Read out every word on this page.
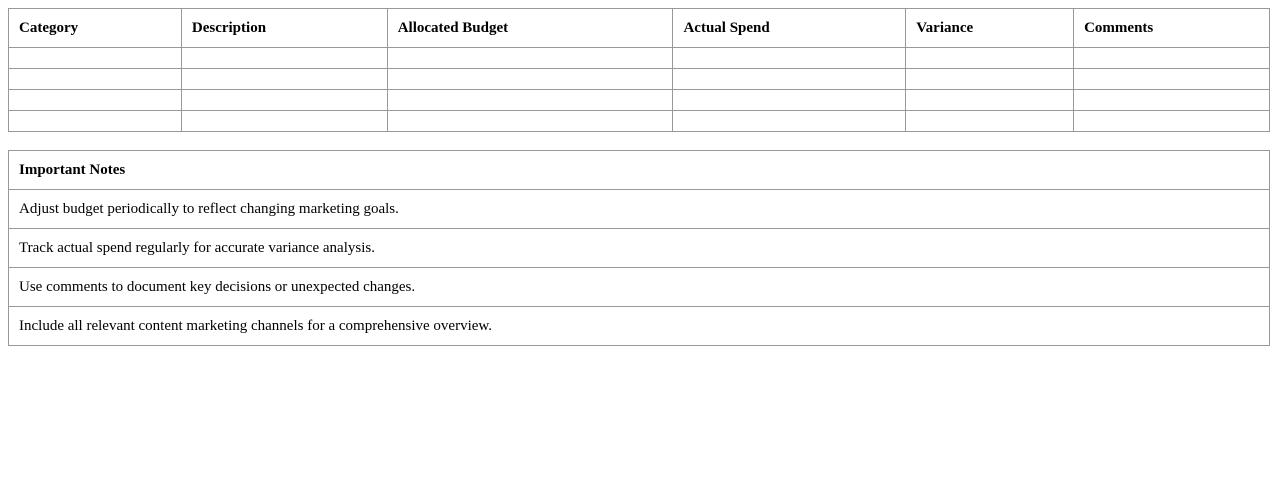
Category	Description	Allocated Budget	Actual Spend	Variance	Comments

Important Notes
Adjust budget periodically to reflect changing marketing goals.
Track actual spend regularly for accurate variance analysis.
Use comments to document key decisions or unexpected changes.
Include all relevant content marketing channels for a comprehensive overview.
